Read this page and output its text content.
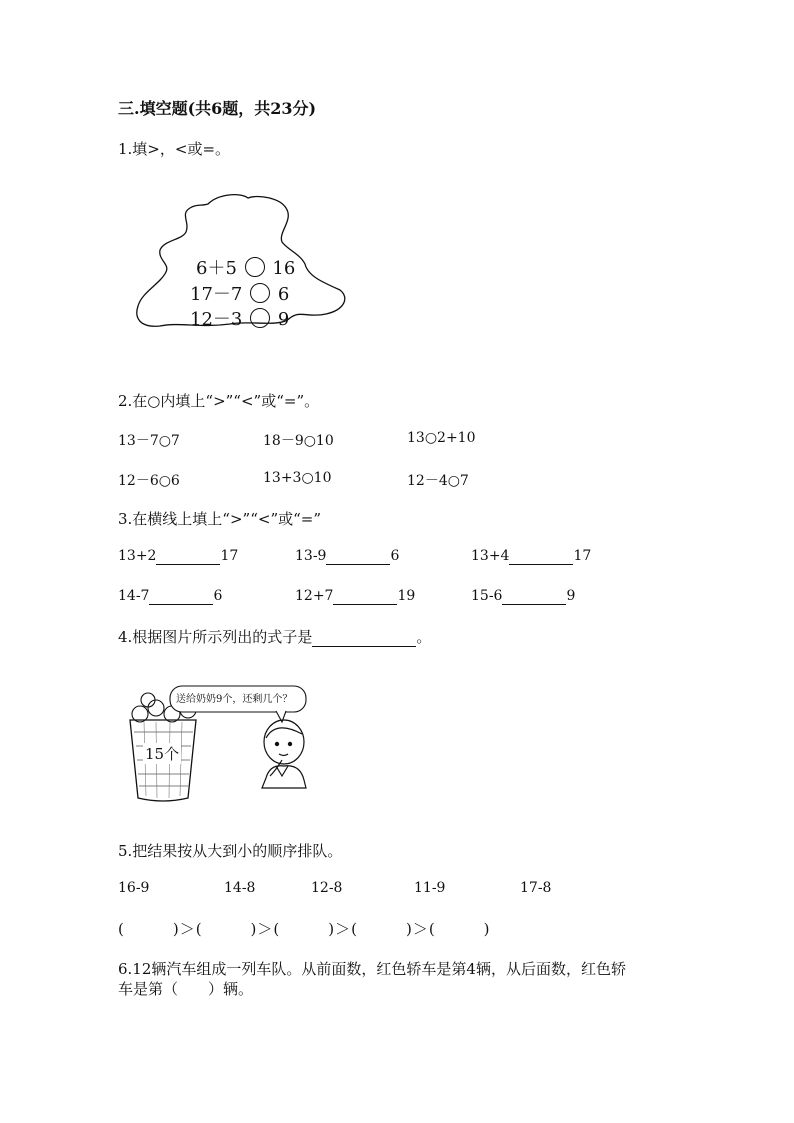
三.填空题(共6题，共23分)
1.填>，<或=。
6＋5 16
17－7 6
12－3 9
2.在○内填上“>”“<”或“=”。
13－7○7	18－9○10	13○2+10
12－6○6	13+3○10	12－4○7
3.在横线上填上“>”“<”或“=”
13+2	17	13-9	6	13+4	17
14-7	6	12+7	19	15-6	9
4.根据图片所示列出的式子是	。
送给奶奶9个，还剩几个？
15个
5.把结果按从大到小的顺序排队。
16-9	14-8	12-8	11-9	17-8
(　　　)＞(　　　)＞(　　　)＞(　　　)＞(　　　)
6.12辆汽车组成一列车队。从前面数，红色轿车是第4辆，从后面数，红色轿
车是第（　　）辆。
